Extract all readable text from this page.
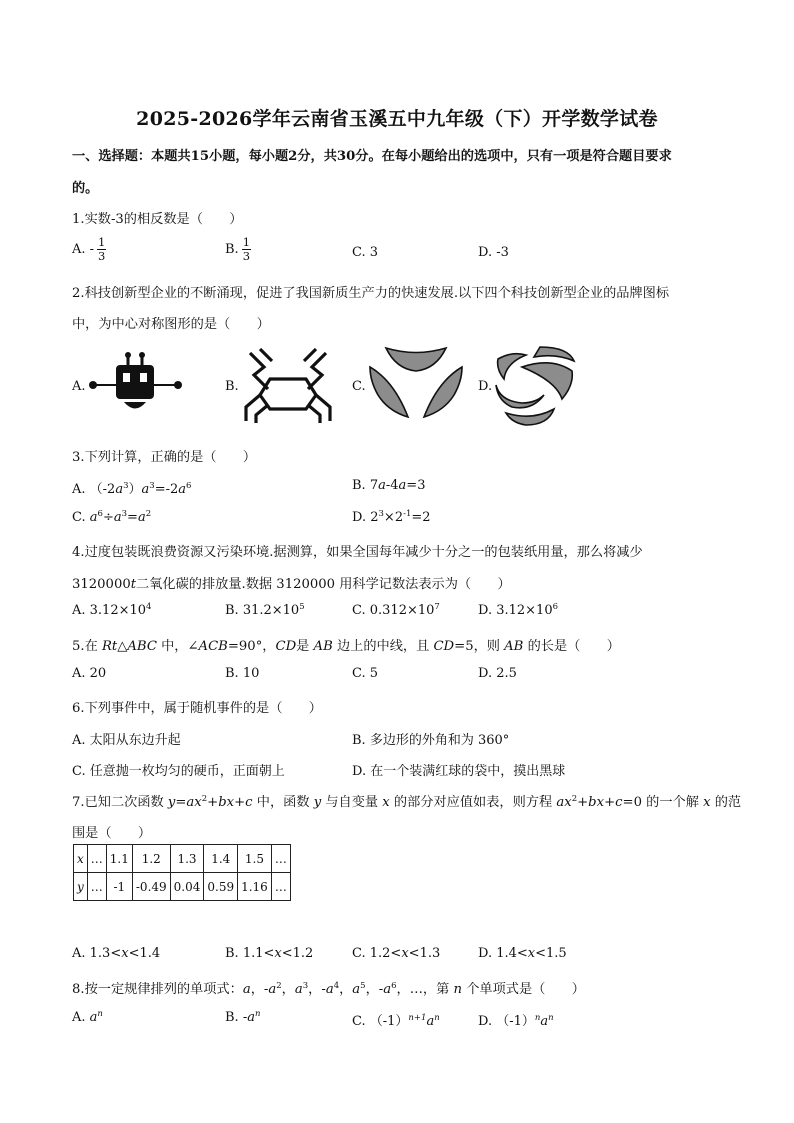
2025-2026学年云南省玉溪五中九年级（下）开学数学试卷
一、选择题：本题共15小题，每小题2分，共30分。在每小题给出的选项中，只有一项是符合题目要求
的。
1.实数-3的相反数是（　　）
A. - $\frac{1}{3}$	B. $\frac{1}{3}$	C. 3	D. -3
2.科技创新型企业的不断涌现，促进了我国新质生产力的快速发展.以下四个科技创新型企业的品牌图标
中，为中心对称图形的是（　　）
A.	B.	C.	D.
3.下列计算，正确的是（　　）
A. $(-2a^3)a^3=-2a^6$	B. 7a-4a=3
C. $a^6\div a^3=a^2$	D. $2^3\times 2^{-1}=2$
4.过度包装既浪费资源又污染环境.据测算，如果全国每年减少十分之一的包装纸用量，那么将减少
3120000t二氧化碳的排放量.数据 3120000 用科学记数法表示为（　　）
A. $3.12\times 10^4$	B. $31.2\times 10^5$	C. $0.312\times 10^7$	D. $3.12\times 10^6$
5.在 Rt△ABC 中，∠ACB=90°，CD是 AB 边上的中线，且 CD=5，则 AB 的长是（　　）
A. 20	B. 10	C. 5	D. 2.5
6.下列事件中，属于随机事件的是（　　）
A. 太阳从东边升起	B. 多边形的外角和为 360°
C. 任意抛一枚均匀的硬币，正面朝上	D. 在一个装满红球的袋中，摸出黑球
7.已知二次函数 $y=ax^2+bx+c$ 中，函数 y 与自变量 x 的部分对应值如表，则方程 $ax^2+bx+c=0$ 的一个解 x 的范
围是（　　）
x	…	1.1	1.2	1.3	1.4	1.5	…
y	…	-1	-0.49	0.04	0.59	1.16	…
A. 1.3<x<1.4	B. 1.1<x<1.2	C. 1.2<x<1.3	D. 1.4<x<1.5
8.按一定规律排列的单项式：a，$-a^2$，$a^3$，$-a^4$，$a^5$，$-a^6$，…，第 n 个单项式是（　　）
A. $a^n$	B. $-a^n$	C. $(-1)^{n+1}a^n$	D. $(-1)^na^n$
